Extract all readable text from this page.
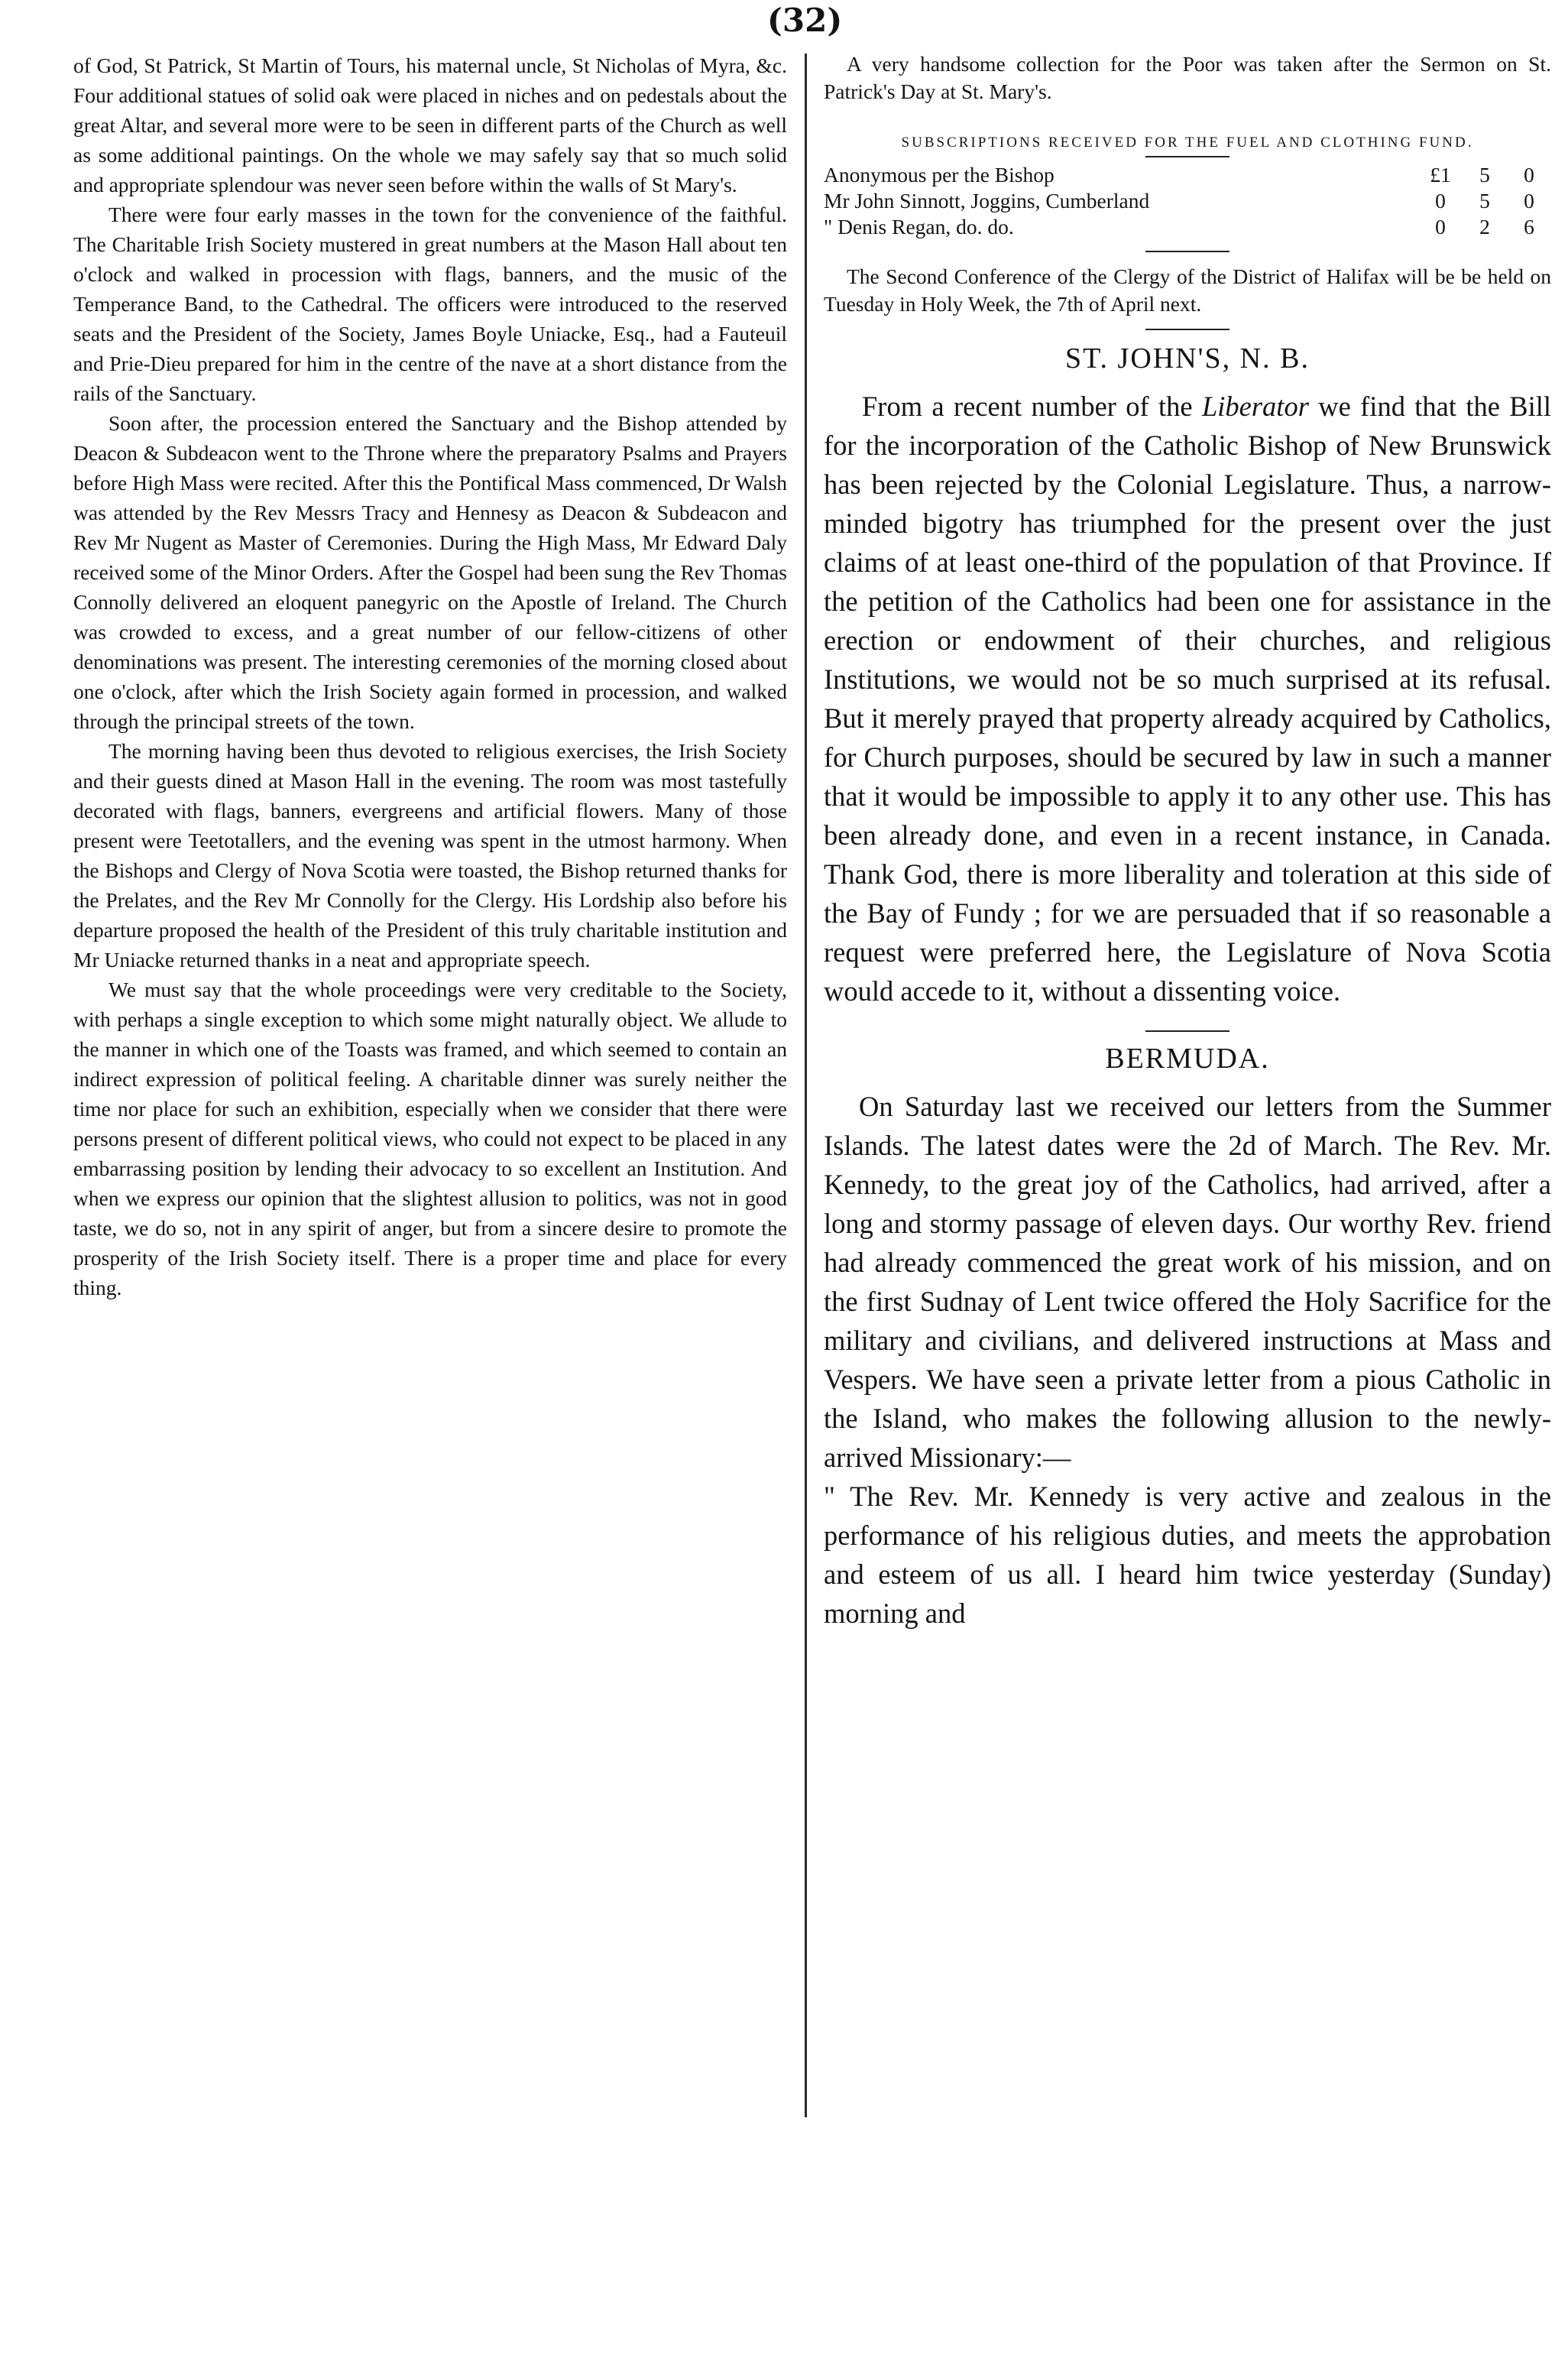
(32)

of God, St Patrick, St Martin of Tours, his maternal uncle, St Nicholas of Myra, &c. Four additional statues of solid oak were placed in niches and on pedestals about the great Altar, and several more were to be seen in different parts of the Church as well as some additional paintings. On the whole we may safely say that so much solid and appropriate splendour was never seen before within the walls of St Mary's.

There were four early masses in the town for the convenience of the faithful. The Charitable Irish Society mustered in great numbers at the Mason Hall about ten o'clock and walked in procession with flags, banners, and the music of the Temperance Band, to the Cathedral. The officers were introduced to the reserved seats and the President of the Society, James Boyle Uniacke, Esq., had a Fauteuil and Prie-Dieu prepared for him in the centre of the nave at a short distance from the rails of the Sanctuary.

Soon after, the procession entered the Sanctuary and the Bishop attended by Deacon & Subdeacon went to the Throne where the preparatory Psalms and Prayers before High Mass were recited. After this the Pontifical Mass commenced, Dr Walsh was attended by the Rev Messrs Tracy and Hennesy as Deacon & Subdeacon and Rev Mr Nugent as Master of Ceremonies. During the High Mass, Mr Edward Daly received some of the Minor Orders. After the Gospel had been sung the Rev Thomas Connolly delivered an eloquent panegyric on the Apostle of Ireland. The Church was crowded to excess, and a great number of our fellow-citizens of other denominations was present. The interesting ceremonies of the morning closed about one o'clock, after which the Irish Society again formed in procession, and walked through the principal streets of the town.

The morning having been thus devoted to religious exercises, the Irish Society and their guests dined at Mason Hall in the evening. The room was most tastefully decorated with flags, banners, evergreens and artificial flowers. Many of those present were Teetotallers, and the evening was spent in the utmost harmony. When the Bishops and Clergy of Nova Scotia were toasted, the Bishop returned thanks for the Prelates, and the Rev Mr Connolly for the Clergy. His Lordship also before his departure proposed the health of the President of this truly charitable institution and Mr Uniacke returned thanks in a neat and appropriate speech.

We must say that the whole proceedings were very creditable to the Society, with perhaps a single exception to which some might naturally object. We allude to the manner in which one of the Toasts was framed, and which seemed to contain an indirect expression of political feeling. A charitable dinner was surely neither the time nor place for such an exhibition, especially when we consider that there were persons present of different political views, who could not expect to be placed in any embarrassing position by lending their advocacy to so excellent an Institution. And when we express our opinion that the slightest allusion to politics, was not in good taste, we do so, not in any spirit of anger, but from a sincere desire to promote the prosperity of the Irish Society itself. There is a proper time and place for every thing.

A very handsome collection for the Poor was taken after the Sermon on St. Patrick's Day at St. Mary's.

SUBSCRIPTIONS RECEIVED FOR THE FUEL AND CLOTHING FUND.
Anonymous per the Bishop	£1	5	0
Mr John Sinnott, Joggins, Cumberland	0	5	0
" Denis Regan, do. do.	0	2	6

The Second Conference of the Clergy of the District of Halifax will be be held on Tuesday in Holy Week, the 7th of April next.

ST. JOHN'S, N. B.

From a recent number of the Liberator we find that the Bill for the incorporation of the Catholic Bishop of New Brunswick has been rejected by the Colonial Legislature. Thus, a narrow-minded bigotry has triumphed for the present over the just claims of at least one-third of the population of that Province. If the petition of the Catholics had been one for assistance in the erection or endowment of their churches, and religious Institutions, we would not be so much surprised at its refusal. But it merely prayed that property already acquired by Catholics, for Church purposes, should be secured by law in such a manner that it would be impossible to apply it to any other use. This has been already done, and even in a recent instance, in Canada. Thank God, there is more liberality and toleration at this side of the Bay of Fundy ; for we are persuaded that if so reasonable a request were preferred here, the Legislature of Nova Scotia would accede to it, without a dissenting voice.

BERMUDA.

On Saturday last we received our letters from the Summer Islands. The latest dates were the 2d of March. The Rev. Mr. Kennedy, to the great joy of the Catholics, had arrived, after a long and stormy passage of eleven days. Our worthy Rev. friend had already commenced the great work of his mission, and on the first Sudnay of Lent twice offered the Holy Sacrifice for the military and civilians, and delivered instructions at Mass and Vespers. We have seen a private letter from a pious Catholic in the Island, who makes the following allusion to the newly-arrived Missionary:—

" The Rev. Mr. Kennedy is very active and zealous in the performance of his religious duties, and meets the approbation and esteem of us all. I heard him twice yesterday (Sunday) morning and
